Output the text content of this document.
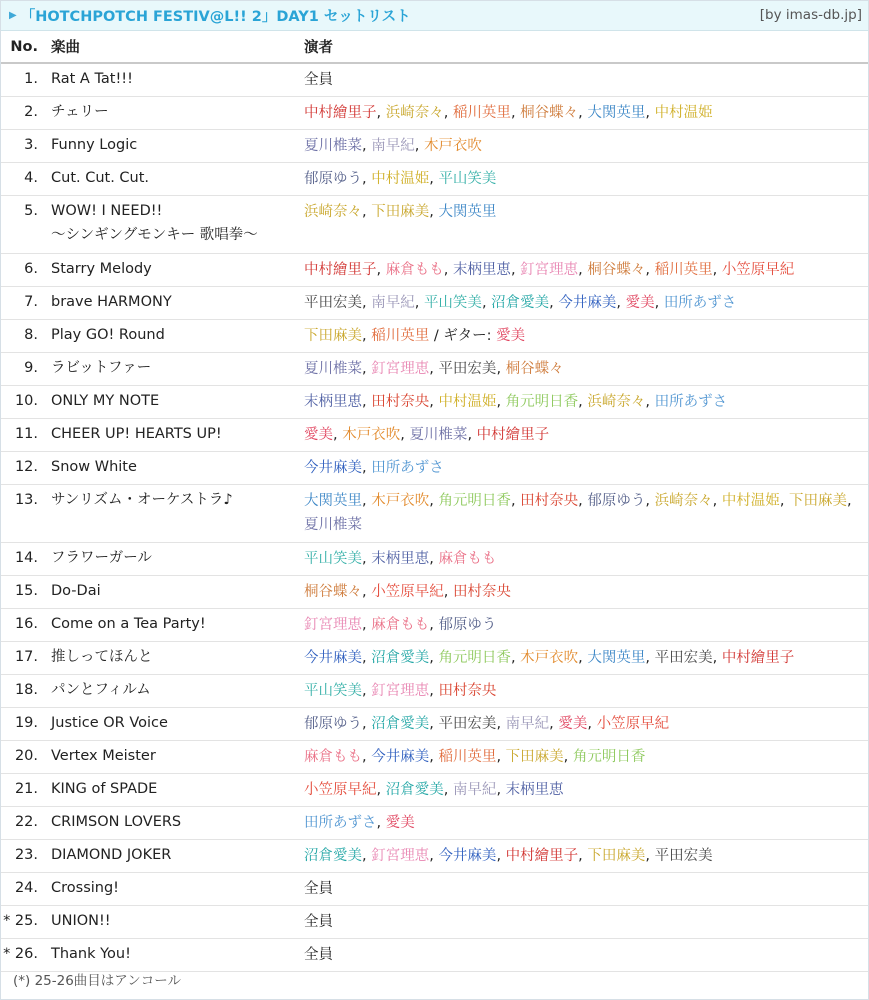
▶ 「HOTCHPOTCH FESTIV@L!! 2」DAY1 セットリスト	[by imas-db.jp]
No.	楽曲	演者
1.	Rat A Tat!!!	全員
2.	チェリー	中村繪里子, 浜崎奈々, 稲川英里, 桐谷蝶々, 大関英里, 中村温姫
3.	Funny Logic	夏川椎菜, 南早紀, 木戸衣吹
4.	Cut. Cut. Cut.	郁原ゆう, 中村温姫, 平山笑美
5.	WOW! I NEED!!
〜シンギングモンキー 歌唱拳〜	浜崎奈々, 下田麻美, 大関英里
6.	Starry Melody	中村繪里子, 麻倉もも, 末柄里恵, 釘宮理恵, 桐谷蝶々, 稲川英里, 小笠原早紀
7.	brave HARMONY	平田宏美, 南早紀, 平山笑美, 沼倉愛美, 今井麻美, 愛美, 田所あずさ
8.	Play GO! Round	下田麻美, 稲川英里 / ギター: 愛美
9.	ラビットファー	夏川椎菜, 釘宮理恵, 平田宏美, 桐谷蝶々
10.	ONLY MY NOTE	末柄里恵, 田村奈央, 中村温姫, 角元明日香, 浜崎奈々, 田所あずさ
11.	CHEER UP! HEARTS UP!	愛美, 木戸衣吹, 夏川椎菜, 中村繪里子
12.	Snow White	今井麻美, 田所あずさ
13.	サンリズム・オーケストラ♪	大関英里, 木戸衣吹, 角元明日香, 田村奈央, 郁原ゆう, 浜崎奈々, 中村温姫, 下田麻美, 夏川椎菜
14.	フラワーガール	平山笑美, 末柄里恵, 麻倉もも
15.	Do-Dai	桐谷蝶々, 小笠原早紀, 田村奈央
16.	Come on a Tea Party!	釘宮理恵, 麻倉もも, 郁原ゆう
17.	推しってほんと	今井麻美, 沼倉愛美, 角元明日香, 木戸衣吹, 大関英里, 平田宏美, 中村繪里子
18.	パンとフィルム	平山笑美, 釘宮理恵, 田村奈央
19.	Justice OR Voice	郁原ゆう, 沼倉愛美, 平田宏美, 南早紀, 愛美, 小笠原早紀
20.	Vertex Meister	麻倉もも, 今井麻美, 稲川英里, 下田麻美, 角元明日香
21.	KING of SPADE	小笠原早紀, 沼倉愛美, 南早紀, 末柄里恵
22.	CRIMSON LOVERS	田所あずさ, 愛美
23.	DIAMOND JOKER	沼倉愛美, 釘宮理恵, 今井麻美, 中村繪里子, 下田麻美, 平田宏美
24.	Crossing!	全員
* 25.	UNION!!	全員
* 26.	Thank You!	全員
(*) 25-26曲目はアンコール
